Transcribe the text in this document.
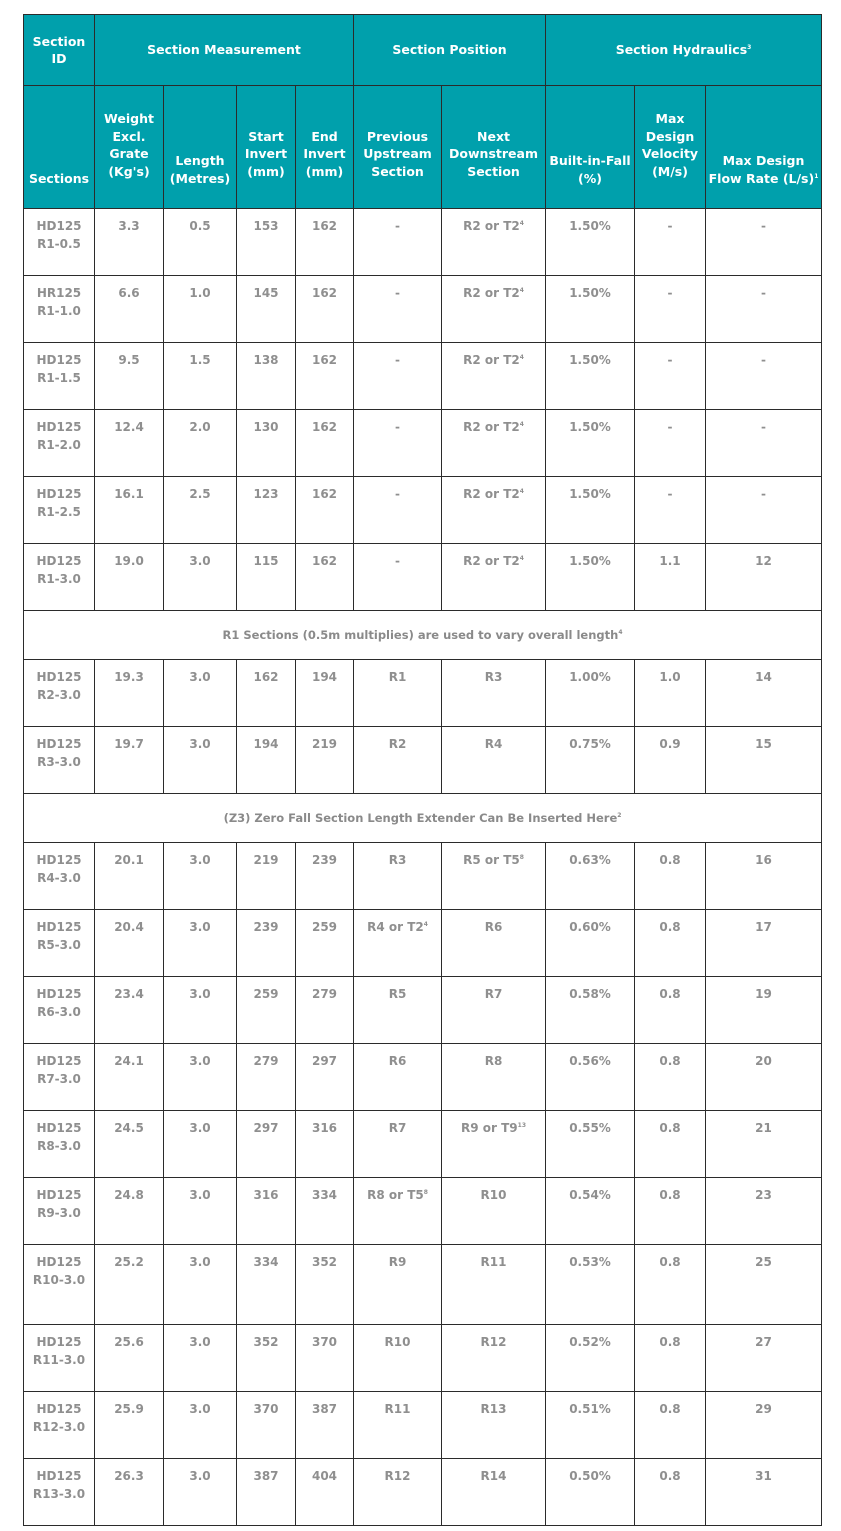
Section ID	Section Measurement				Section Position		Section Hydraulics$^3$
Sections	Weight Excl. Grate (Kg's)	Length (Metres)	Start Invert (mm)	End Invert (mm)	Previous Upstream Section	Next Downstream Section	Built-in-Fall (%)	Max Design Velocity (M/s)	Max Design Flow Rate $(L/s)^1$
HD125 R1-0.5	3.3	0.5	153	162	-	R2 or $T2^4$	1.50%	-	-
HR125 R1-1.0	6.6	1.0	145	162	-	R2 or $T2^4$	1.50%	-	-
HD125 R1-1.5	9.5	1.5	138	162	-	R2 or $T2^4$	1.50%	-	-
HD125 R1-2.0	12.4	2.0	130	162	-	R2 or $T2^4$	1.50%	-	-
HD125 R1-2.5	16.1	2.5	123	162	-	R2 or $T2^4$	1.50%	-	-
HD125 R1-3.0	19.0	3.0	115	162	-	R2 or $T2^4$	1.50%	1.1	12
R1 Sections (0.5m multiplies) are used to vary overall length$^4$
HD125 R2-3.0	19.3	3.0	162	194	R1	R3	1.00%	1.0	14
HD125 R3-3.0	19.7	3.0	194	219	R2	R4	0.75%	0.9	15
(Z3) Zero Fall Section Length Extender Can Be Inserted Here$^2$
HD125 R4-3.0	20.1	3.0	219	239	R3	R5 or $T5^8$	0.63%	0.8	16
HD125 R5-3.0	20.4	3.0	239	259	R4 or $T2^4$	R6	0.60%	0.8	17
HD125 R6-3.0	23.4	3.0	259	279	R5	R7	0.58%	0.8	19
HD125 R7-3.0	24.1	3.0	279	297	R6	R8	0.56%	0.8	20
HD125 R8-3.0	24.5	3.0	297	316	R7	R9 or $T9^{13}$	0.55%	0.8	21
HD125 R9-3.0	24.8	3.0	316	334	R8 or $T5^8$	R10	0.54%	0.8	23
HD125 R10-3.0	25.2	3.0	334	352	R9	R11	0.53%	0.8	25
HD125 R11-3.0	25.6	3.0	352	370	R10	R12	0.52%	0.8	27
HD125 R12-3.0	25.9	3.0	370	387	R11	R13	0.51%	0.8	29
HD125 R13-3.0	26.3	3.0	387	404	R12	R14	0.50%	0.8	31
